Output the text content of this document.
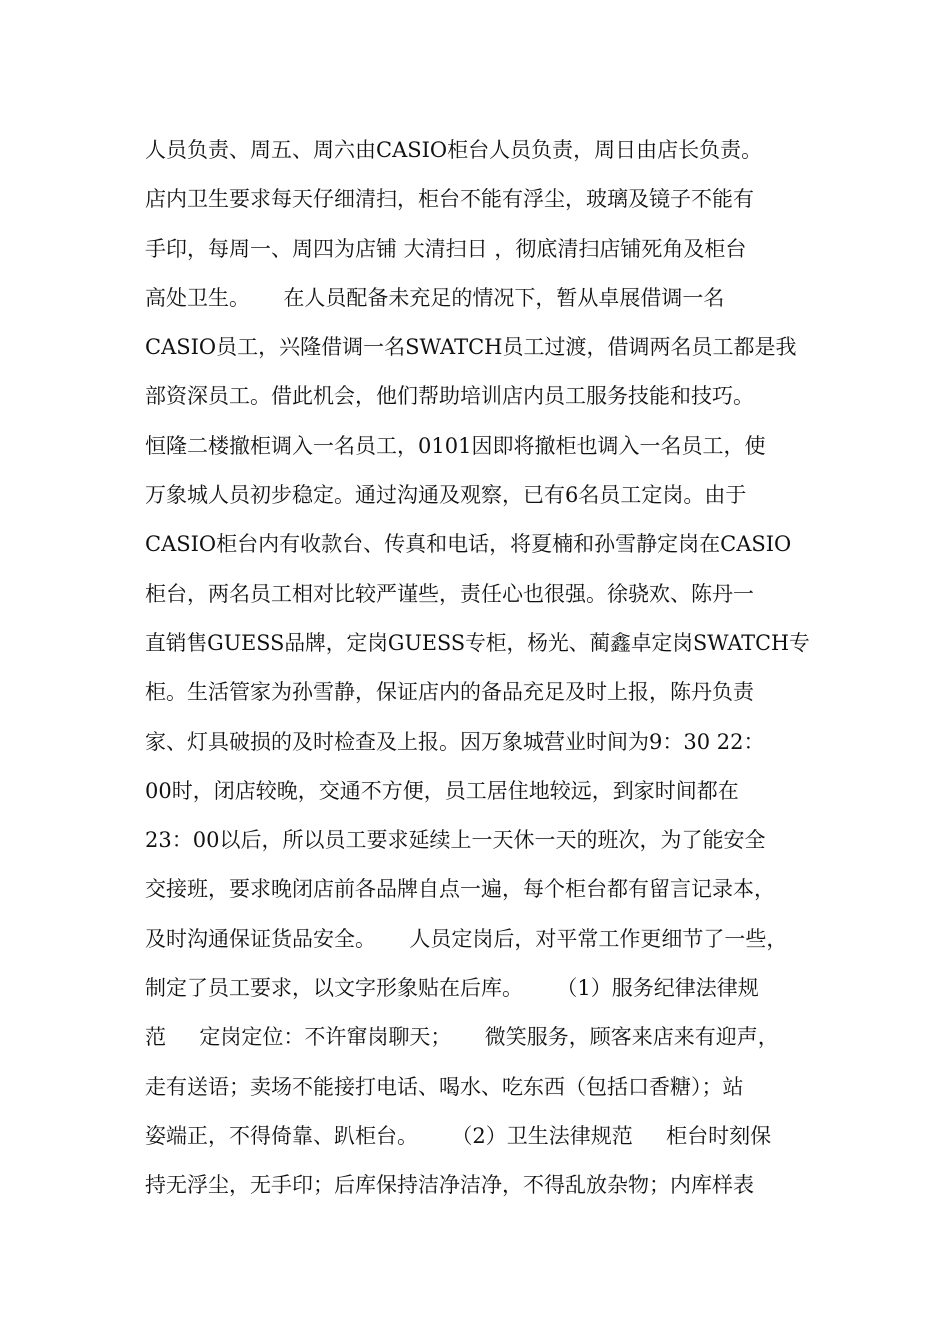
人员负责、周五、周六由CASIO柜台人员负责，周日由店长负责。
店内卫生要求每天仔细清扫，柜台不能有浮尘，玻璃及镜子不能有
手印，每周一、周四为店铺 大清扫日 ，彻底清扫店铺死角及柜台
高处卫生。     在人员配备未充足的情况下，暂从卓展借调一名
CASIO员工，兴隆借调一名SWATCH员工过渡，借调两名员工都是我
部资深员工。借此机会，他们帮助培训店内员工服务技能和技巧。
恒隆二楼撤柜调入一名员工，0101因即将撤柜也调入一名员工，使
万象城人员初步稳定。通过沟通及观察，已有6名员工定岗。由于
CASIO柜台内有收款台、传真和电话，将夏楠和孙雪静定岗在CASIO
柜台，两名员工相对比较严谨些，责任心也很强。徐骁欢、陈丹一
直销售GUESS品牌，定岗GUESS专柜，杨光、蔺鑫卓定岗SWATCH专
柜。生活管家为孙雪静，保证店内的备品充足及时上报，陈丹负责
家、灯具破损的及时检查及上报。因万象城营业时间为9：30 22：
00时，闭店较晚，交通不方便，员工居住地较远，到家时间都在
23：00以后，所以员工要求延续上一天休一天的班次，为了能安全
交接班，要求晚闭店前各品牌自点一遍，每个柜台都有留言记录本，
及时沟通保证货品安全。     人员定岗后，对平常工作更细节了一些，
制定了员工要求，以文字形象贴在后库。     （1）服务纪律法律规
范     定岗定位：不许窜岗聊天；     微笑服务，顾客来店来有迎声，
走有送语；卖场不能接打电话、喝水、吃东西（包括口香糖）；站
姿端正，不得倚靠、趴柜台。     （2）卫生法律规范     柜台时刻保
持无浮尘，无手印；后库保持洁净洁净，不得乱放杂物；内库样表
